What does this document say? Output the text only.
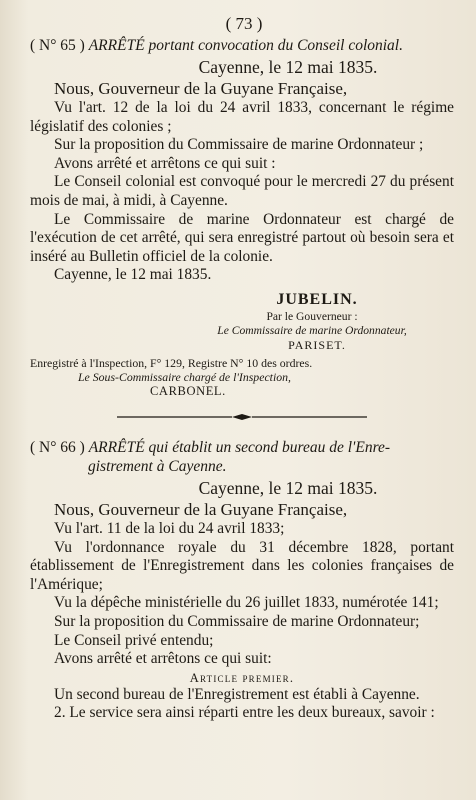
( 73 )
( N° 65 ) ARRÊTÉ portant convocation du Conseil colonial.
Cayenne, le 12 mai 1835.
Nous, Gouverneur de la Guyane Française,
Vu l'art. 12 de la loi du 24 avril 1833, concernant le régime législatif des colonies ;
Sur la proposition du Commissaire de marine Ordonnateur ;
Avons arrêté et arrêtons ce qui suit :
Le Conseil colonial est convoqué pour le mercredi 27 du présent mois de mai, à midi, à Cayenne.
Le Commissaire de marine Ordonnateur est chargé de l'exécution de cet arrêté, qui sera enregistré partout où besoin sera et inséré au Bulletin officiel de la colonie.
Cayenne, le 12 mai 1835.
JUBELIN.
Par le Gouverneur :
Le Commissaire de marine Ordonnateur,
PARISET.
Enregistré à l'Inspection, F° 129, Registre N° 10 des ordres.
Le Sous-Commissaire chargé de l'Inspection,
CARBONEL.
( N° 66 ) ARRÊTÉ qui établit un second bureau de l'Enre-
gistrement à Cayenne.
Cayenne, le 12 mai 1835.
Nous, Gouverneur de la Guyane Française,
Vu l'art. 11 de la loi du 24 avril 1833;
Vu l'ordonnance royale du 31 décembre 1828, portant établissement de l'Enregistrement dans les colonies françaises de l'Amérique;
Vu la dépêche ministérielle du 26 juillet 1833, numérotée 141;
Sur la proposition du Commissaire de marine Ordonnateur;
Le Conseil privé entendu;
Avons arrêté et arrêtons ce qui suit:
Article premier.
Un second bureau de l'Enregistrement est établi à Cayenne.
2. Le service sera ainsi réparti entre les deux bureaux, savoir :
